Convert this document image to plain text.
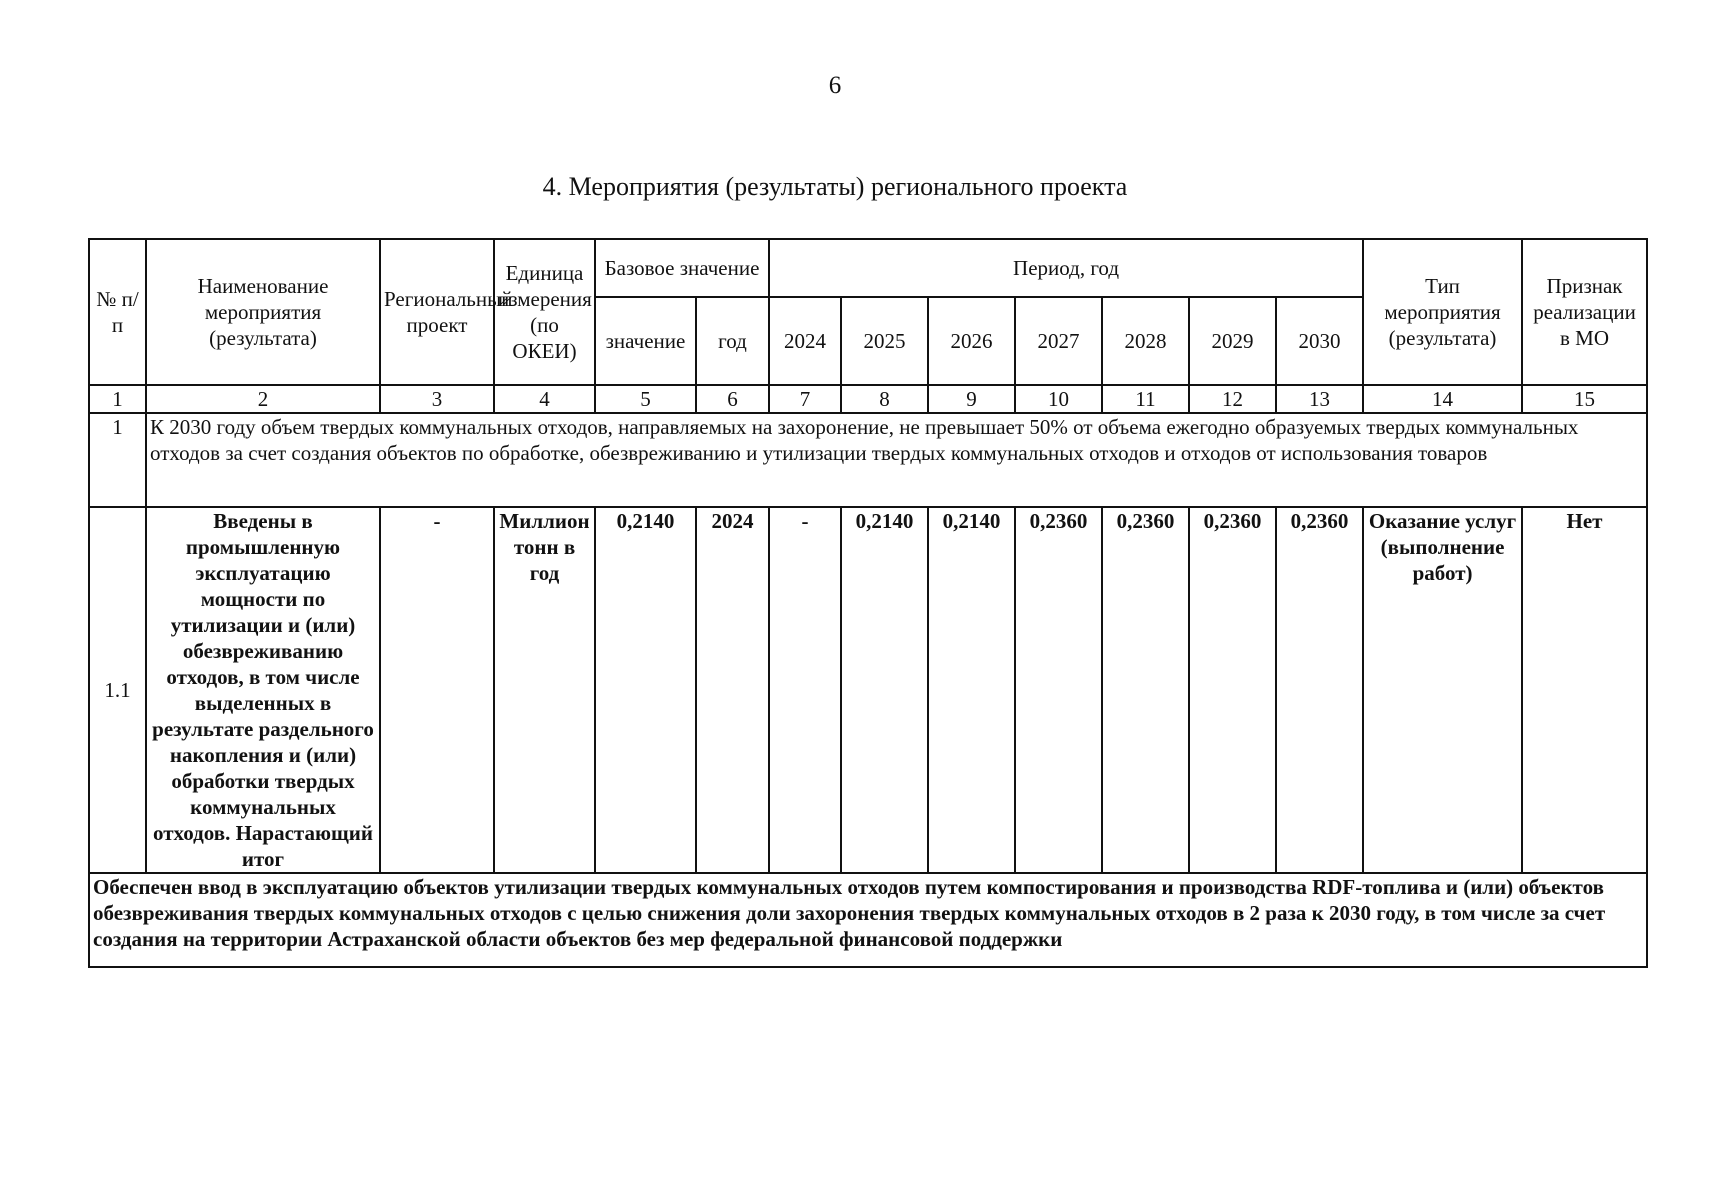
6
4. Мероприятия (результаты) регионального проекта
№ п/п	Наименование мероприятия (результата)	Региональный проект	Единица измерения (по ОКЕИ)	Базовое значение		Период, год							Тип мероприятия (результата)	Признак реализации в МО
				значение	год	2024	2025	2026	2027	2028	2029	2030		
1	2	3	4	5	6	7	8	9	10	11	12	13	14	15
1	К 2030 году объем твердых коммунальных отходов, направляемых на захоронение, не превышает 50% от объема ежегодно образуемых твердых коммунальных отходов за счет создания объектов по обработке, обезвреживанию и утилизации твердых коммунальных отходов и отходов от использования товаров													
1.1	Введены в промышленную эксплуатацию мощности по утилизации и (или) обезвреживанию отходов, в том числе выделенных в результате раздельного накопления и (или) обработки твердых коммунальных отходов. Нарастающий итог	-	Миллион тонн в год	0,2140	2024	-	0,2140	0,2140	0,2360	0,2360	0,2360	0,2360	Оказание услуг (выполнение работ)	Нет
Обеспечен ввод в эксплуатацию объектов утилизации твердых коммунальных отходов путем компостирования и производства RDF-топлива и (или) объектов обезвреживания твердых коммунальных отходов с целью снижения доли захоронения твердых коммунальных отходов в 2 раза к 2030 году, в том числе за счет создания на территории Астраханской области объектов без мер федеральной финансовой поддержки														
